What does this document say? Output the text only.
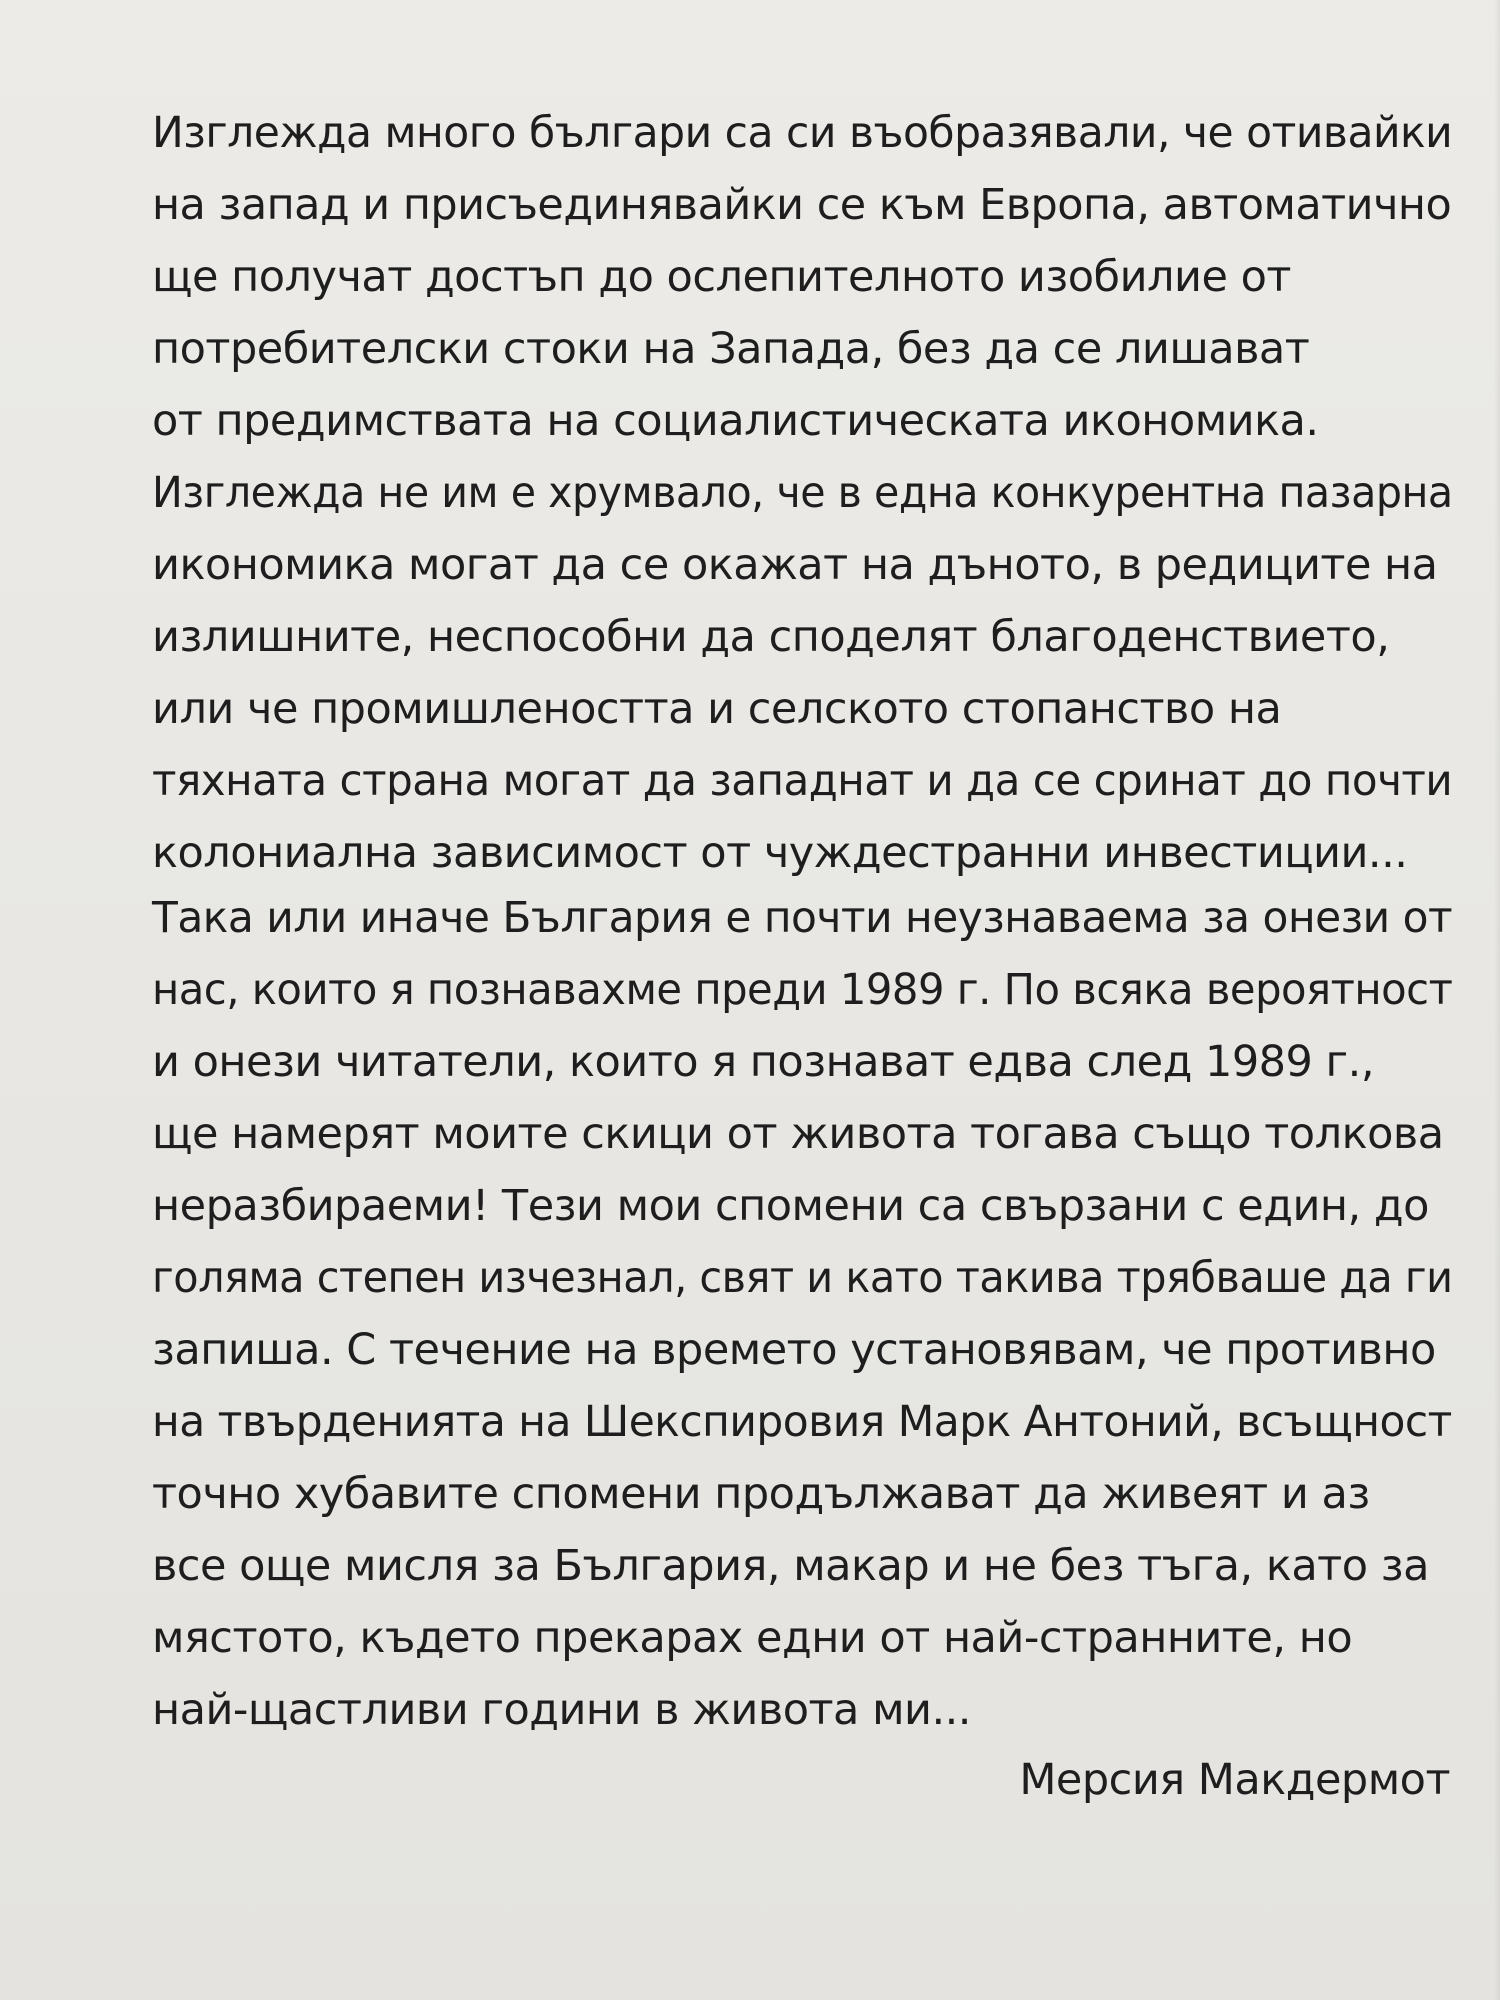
Изглежда много българи са си въобразявали, че отивайки
на запад и присъединявайки се към Европа, автоматично
ще получат достъп до ослепителното изобилие от
потребителски стоки на Запада, без да се лишават
от предимствата на социалистическата икономика.
Изглежда не им е хрумвало, че в една конкурентна пазарна
икономика могат да се окажат на дъното, в редиците на
излишните, неспособни да споделят благоденствието,
или че промишлеността и селското стопанство на
тяхната страна могат да западнат и да се сринат до почти
колониална зависимост от чуждестранни инвестиции...
Така или иначе България е почти неузнаваема за онези от
нас, които я познавахме преди 1989 г. По всяка вероятност
и онези читатели, които я познават едва след 1989 г.,
ще намерят моите скици от живота тогава също толкова
неразбираеми! Тези мои спомени са свързани с един, до
голяма степен изчезнал, свят и като такива трябваше да ги
запиша. С течение на времето установявам, че противно
на твърденията на Шекспировия Марк Антоний, всъщност
точно хубавите спомени продължават да живеят и аз
все още мисля за България, макар и не без тъга, като за
мястото, където прекарах едни от най-странните, но
най-щастливи години в живота ми...
Мерсия Макдермот
